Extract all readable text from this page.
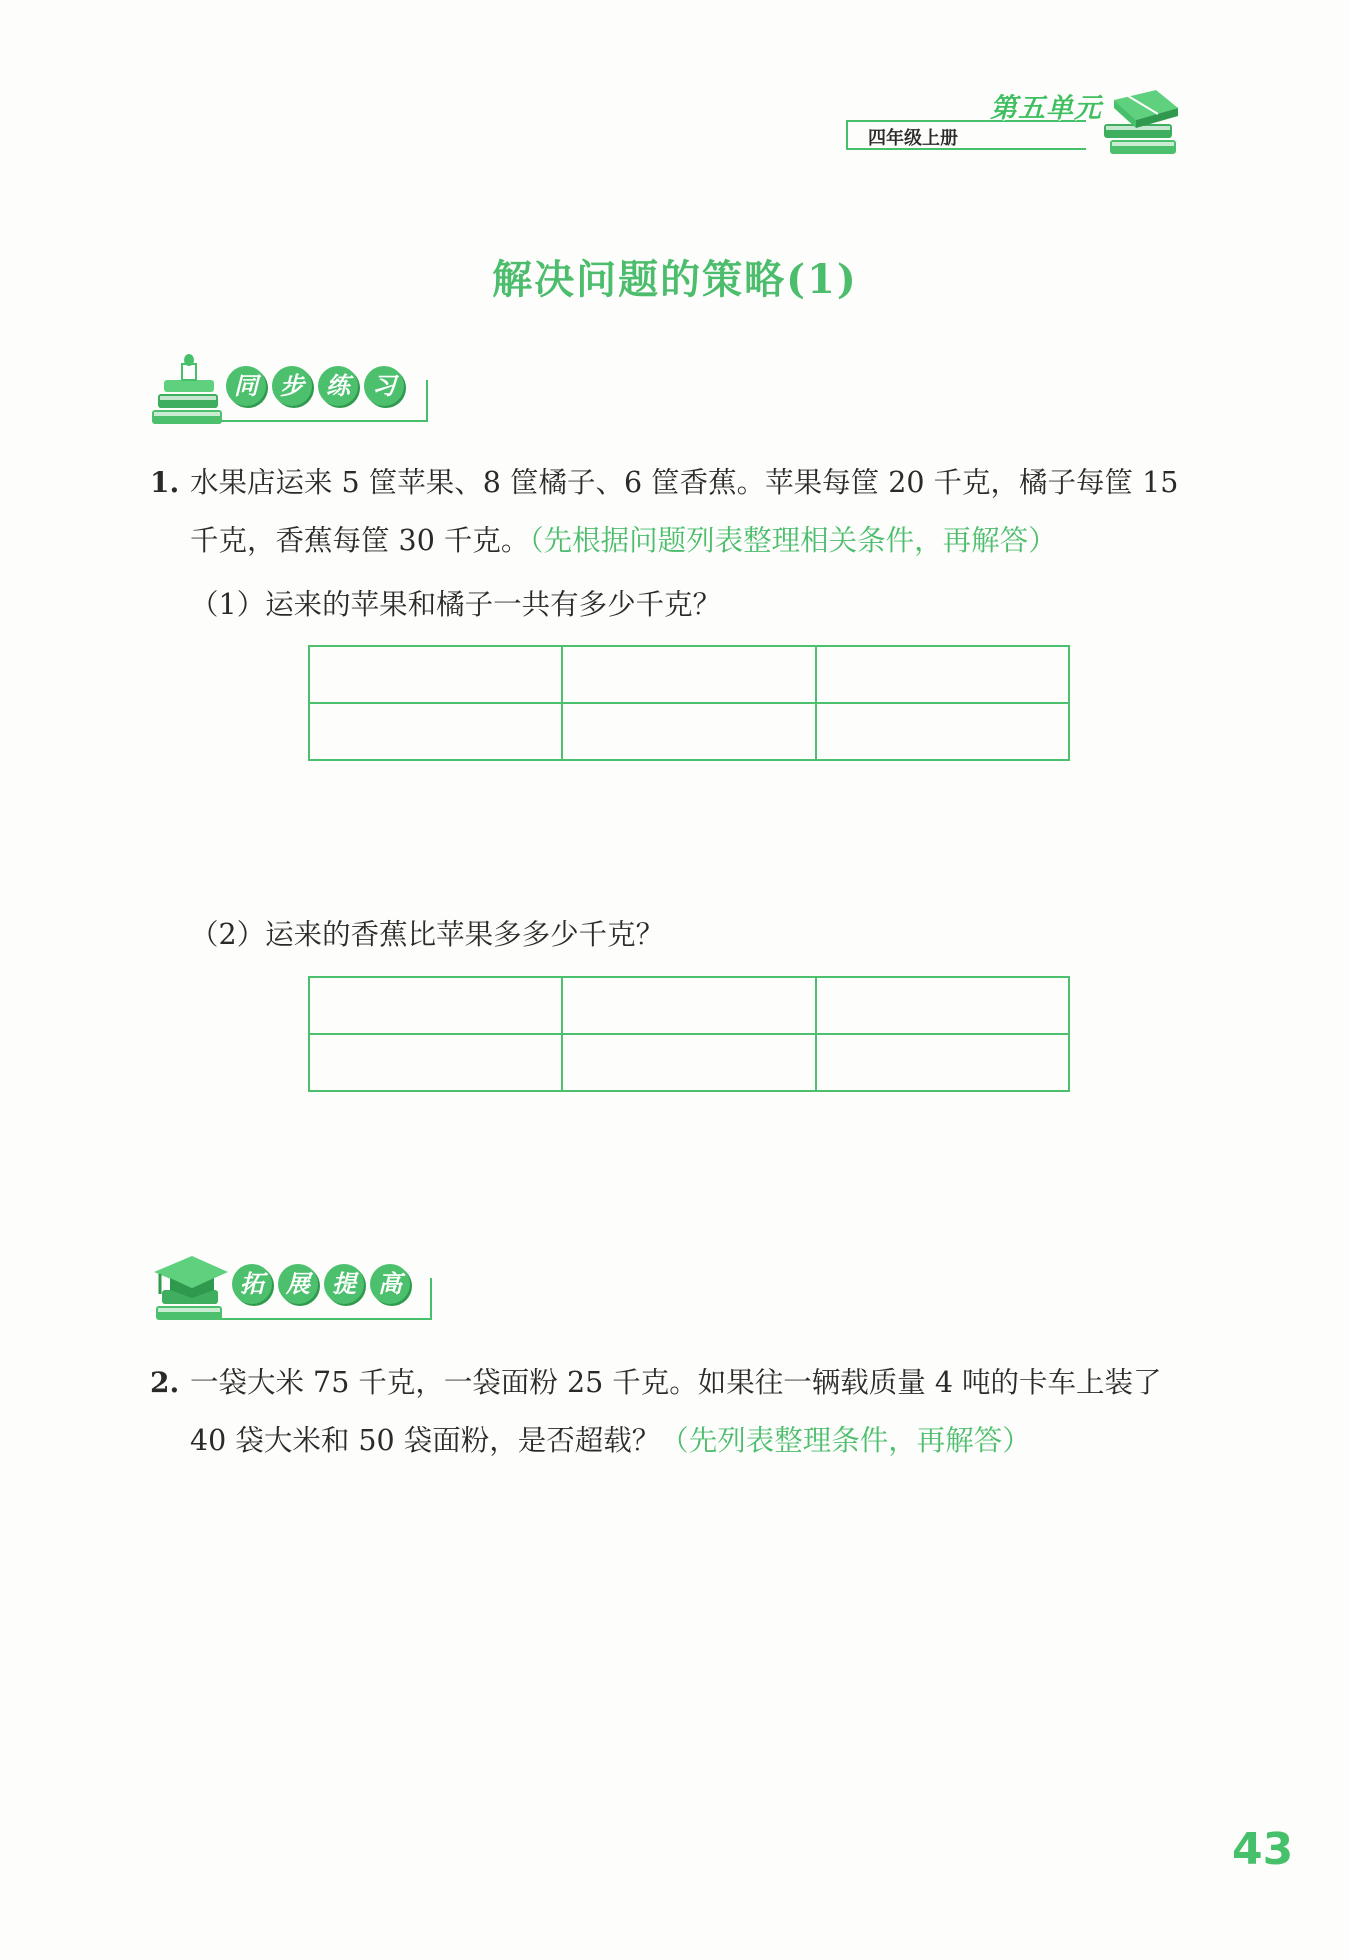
四年级上册
第五单元
解决问题的策略(1)
同 步 练 习
1. 水果店运来 5 筐苹果、8 筐橘子、6 筐香蕉。苹果每筐 20 千克，橘子每筐 15 千克，香蕉每筐 30 千克。（先根据问题列表整理相关条件，再解答）
（1）运来的苹果和橘子一共有多少千克？

（2）运来的香蕉比苹果多多少千克？

拓 展 提 高
2. 一袋大米 75 千克，一袋面粉 25 千克。如果往一辆载质量 4 吨的卡车上装了 40 袋大米和 50 袋面粉，是否超载？（先列表整理条件，再解答）
43
